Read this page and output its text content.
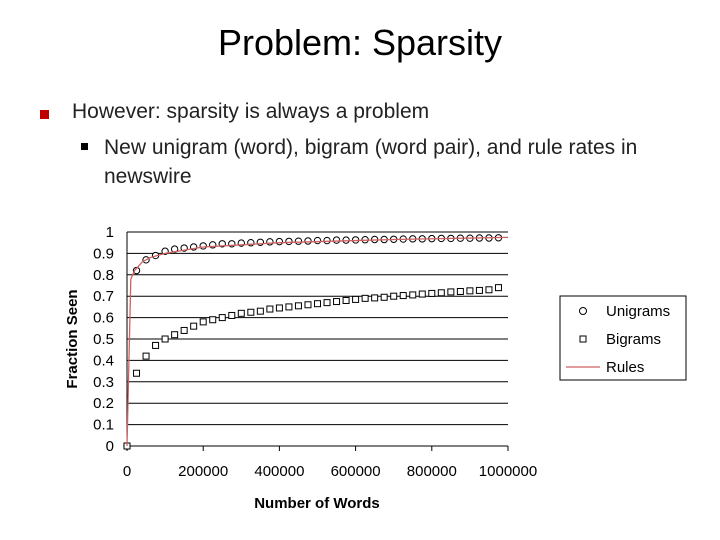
Problem: Sparsity
However: sparsity is always a problem
New unigram (word), bigram (word pair), and rule rates in newswire
0
0.1
0.2
0.3
0.4
0.5
0.6
0.7
0.8
0.9
1
0	200000 400000 600000 800000 1000000
Number of Words
Fraction Seen	Unigrams
Bigrams
Rules
